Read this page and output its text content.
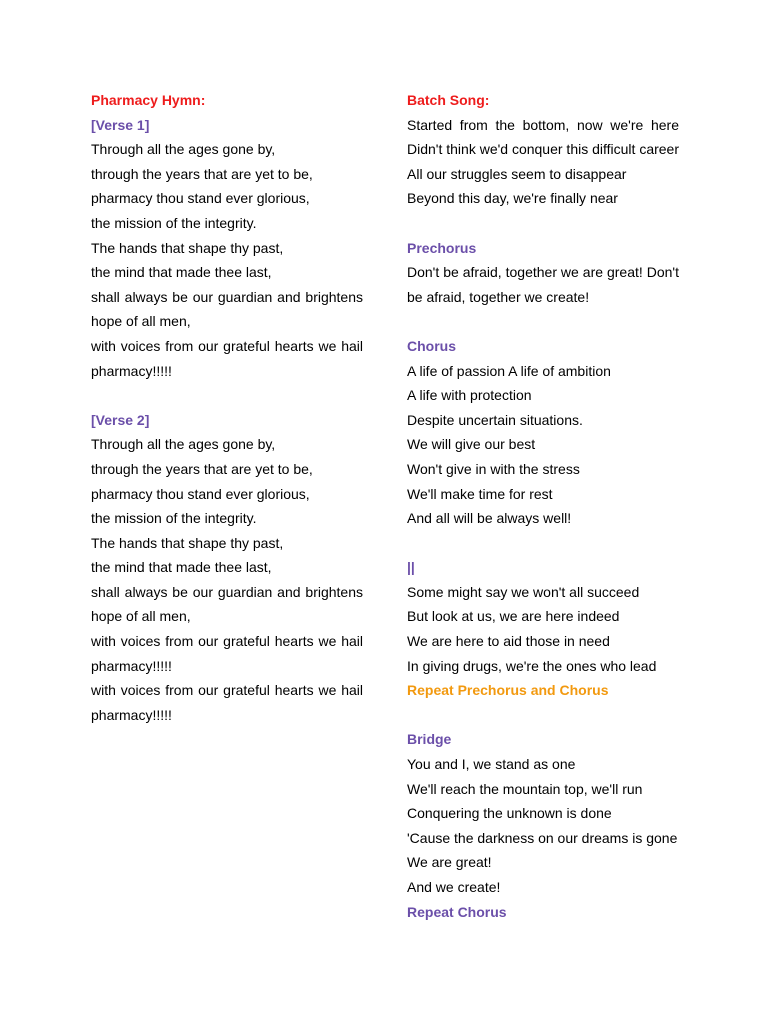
Pharmacy Hymn:
[Verse 1]
Through all the ages gone by,
through the years that are yet to be,
pharmacy thou stand ever glorious,
the mission of the integrity.
The hands that shape thy past,
the mind that made thee last,
shall always be our guardian and brightens
hope of all men,
with voices from our grateful hearts we hail
pharmacy!!!!!
[Verse 2]
Through all the ages gone by,
through the years that are yet to be,
pharmacy thou stand ever glorious,
the mission of the integrity.
The hands that shape thy past,
the mind that made thee last,
shall always be our guardian and brightens
hope of all men,
with voices from our grateful hearts we hail
pharmacy!!!!!
with voices from our grateful hearts we hail
pharmacy!!!!!
Batch Song:
Started from the bottom, now we're here
Didn't think we'd conquer this difficult career
All our struggles seem to disappear
Beyond this day, we're finally near
Prechorus
Don't be afraid, together we are great! Don't be afraid, together we create!
Chorus
A life of passion A life of ambition
A life with protection
Despite uncertain situations.
We will give our best
Won't give in with the stress
We'll make time for rest
And all will be always well!
||
Some might say we won't all succeed
But look at us, we are here indeed
We are here to aid those in need
In giving drugs, we're the ones who lead
Repeat Prechorus and Chorus
Bridge
You and I, we stand as one
We'll reach the mountain top, we'll run
Conquering the unknown is done
'Cause the darkness on our dreams is gone
We are great!
And we create!
Repeat Chorus
